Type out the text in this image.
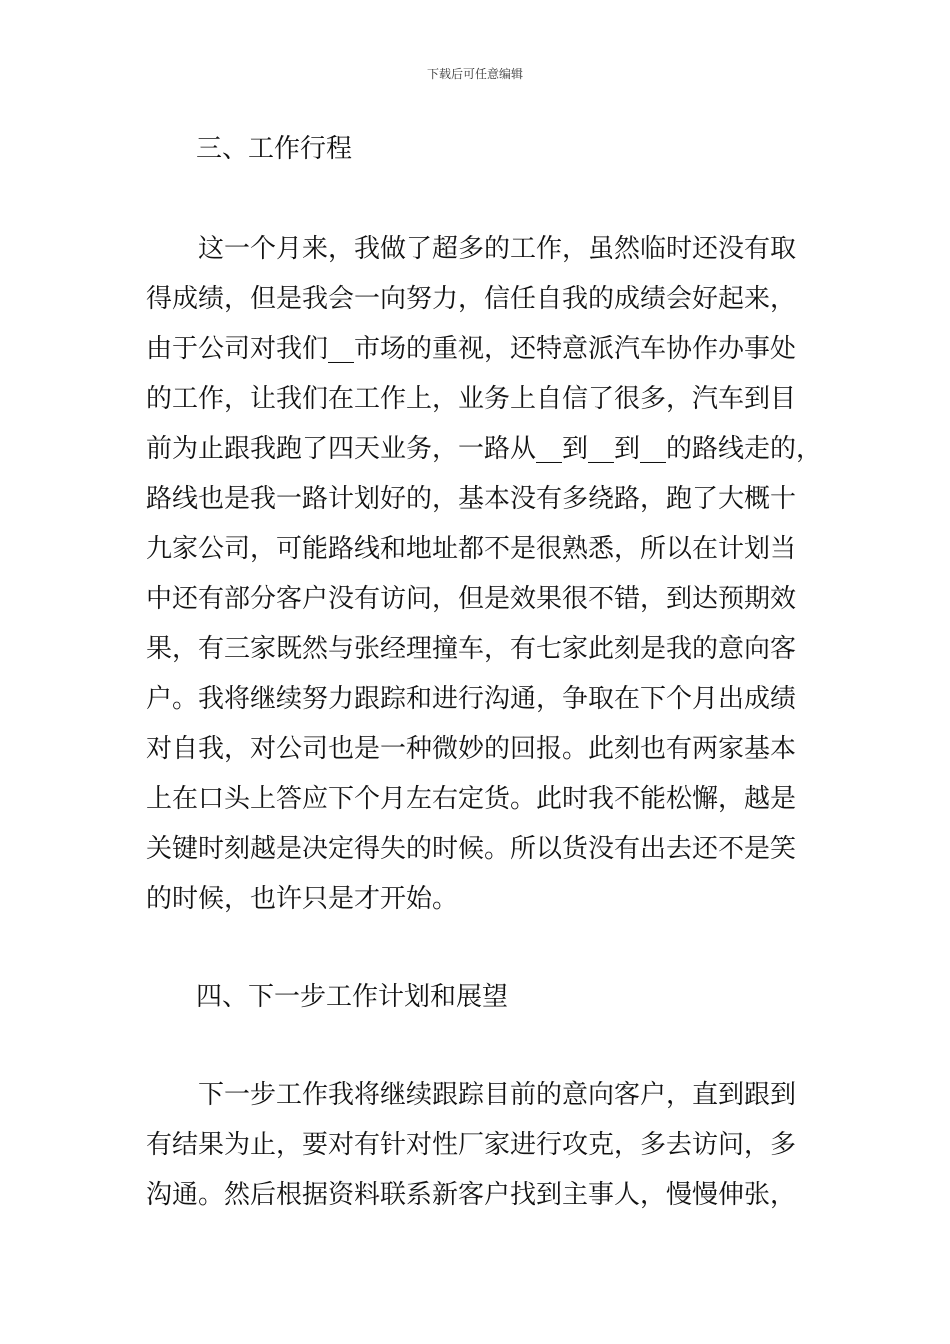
下载后可任意编辑
三、工作行程
这一个月来，我做了超多的工作，虽然临时还没有取
得成绩，但是我会一向努力，信任自我的成绩会好起来，
由于公司对我们__市场的重视，还特意派汽车协作办事处
的工作，让我们在工作上，业务上自信了很多，汽车到目
前为止跟我跑了四天业务，一路从__到__到__的路线走的，
路线也是我一路计划好的，基本没有多绕路，跑了大概十
九家公司，可能路线和地址都不是很熟悉，所以在计划当
中还有部分客户没有访问，但是效果很不错，到达预期效
果，有三家既然与张经理撞车，有七家此刻是我的意向客
户。我将继续努力跟踪和进行沟通，争取在下个月出成绩
对自我，对公司也是一种微妙的回报。此刻也有两家基本
上在口头上答应下个月左右定货。此时我不能松懈，越是
关键时刻越是决定得失的时候。所以货没有出去还不是笑
的时候，也许只是才开始。
四、下一步工作计划和展望
下一步工作我将继续跟踪目前的意向客户，直到跟到
有结果为止，要对有针对性厂家进行攻克，多去访问，多
沟通。然后根据资料联系新客户找到主事人，慢慢伸张，
